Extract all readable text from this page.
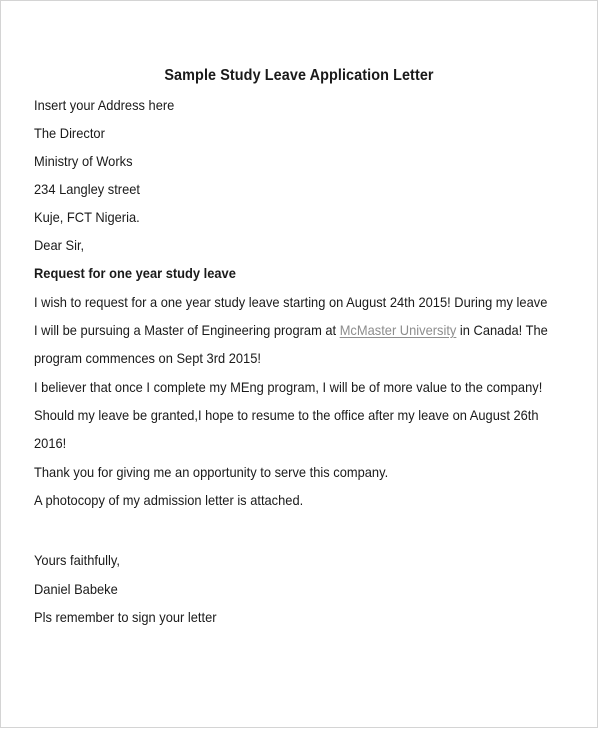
Sample Study Leave Application Letter
Insert your Address here
The Director
Ministry of Works
234 Langley street
Kuje, FCT Nigeria.
Dear Sir,
Request for one year study leave
I wish to request for a one year study leave starting on August 24th 2015! During my leave
I will be pursuing a Master of Engineering program at McMaster University in Canada! The
program commences on Sept 3rd 2015!
I believer that once I complete my MEng program, I will be of more value to the company!
Should my leave be granted,I hope to resume to the office after my leave on August 26th
2016!
Thank you for giving me an opportunity to serve this company.
A photocopy of my admission letter is attached.
Yours faithfully,
Daniel Babeke
Pls remember to sign your letter
